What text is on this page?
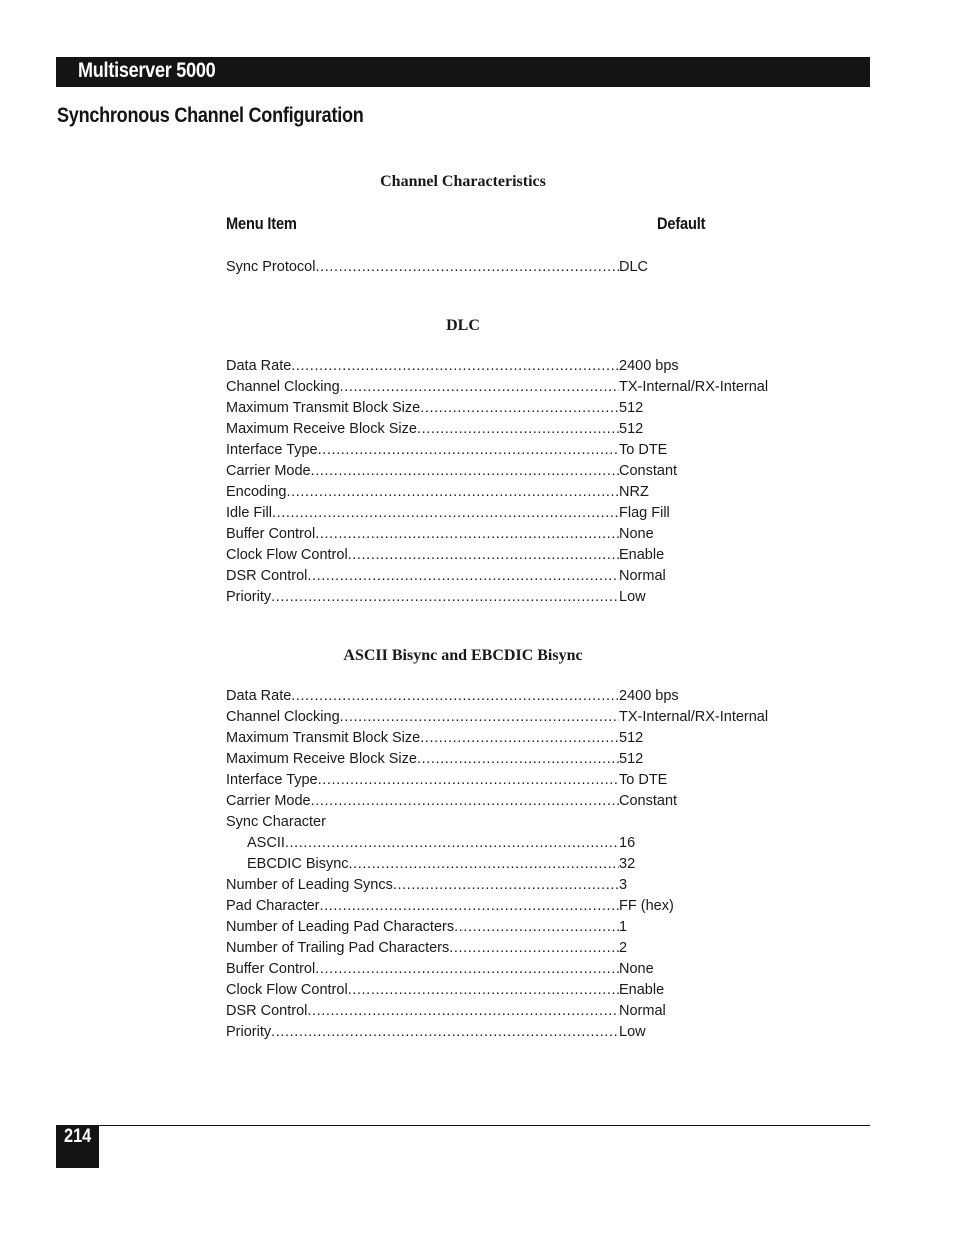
Multiserver 5000
Synchronous Channel Configuration
Channel Characteristics
Menu Item	Default
Sync Protocol .....	DLC
DLC
Data Rate .....	2400 bps
Channel Clocking .....	TX-Internal/RX-Internal
Maximum Transmit Block Size .....	512
Maximum Receive Block Size .....	512
Interface Type .....	To DTE
Carrier Mode .....	Constant
Encoding .....	NRZ
Idle Fill .....	Flag Fill
Buffer Control .....	None
Clock Flow Control .....	Enable
DSR Control .....	Normal
Priority .....	Low
ASCII Bisync and EBCDIC Bisync
Data Rate .....	2400 bps
Channel Clocking .....	TX-Internal/RX-Internal
Maximum Transmit Block Size .....	512
Maximum Receive Block Size .....	512
Interface Type .....	To DTE
Carrier Mode .....	Constant
Sync Character
ASCII .....	16
EBCDIC Bisync .....	32
Number of Leading Syncs .....	3
Pad Character .....	FF (hex)
Number of Leading Pad Characters .....	1
Number of Trailing Pad Characters .....	2
Buffer Control .....	None
Clock Flow Control .....	Enable
DSR Control .....	Normal
Priority .....	Low
214
